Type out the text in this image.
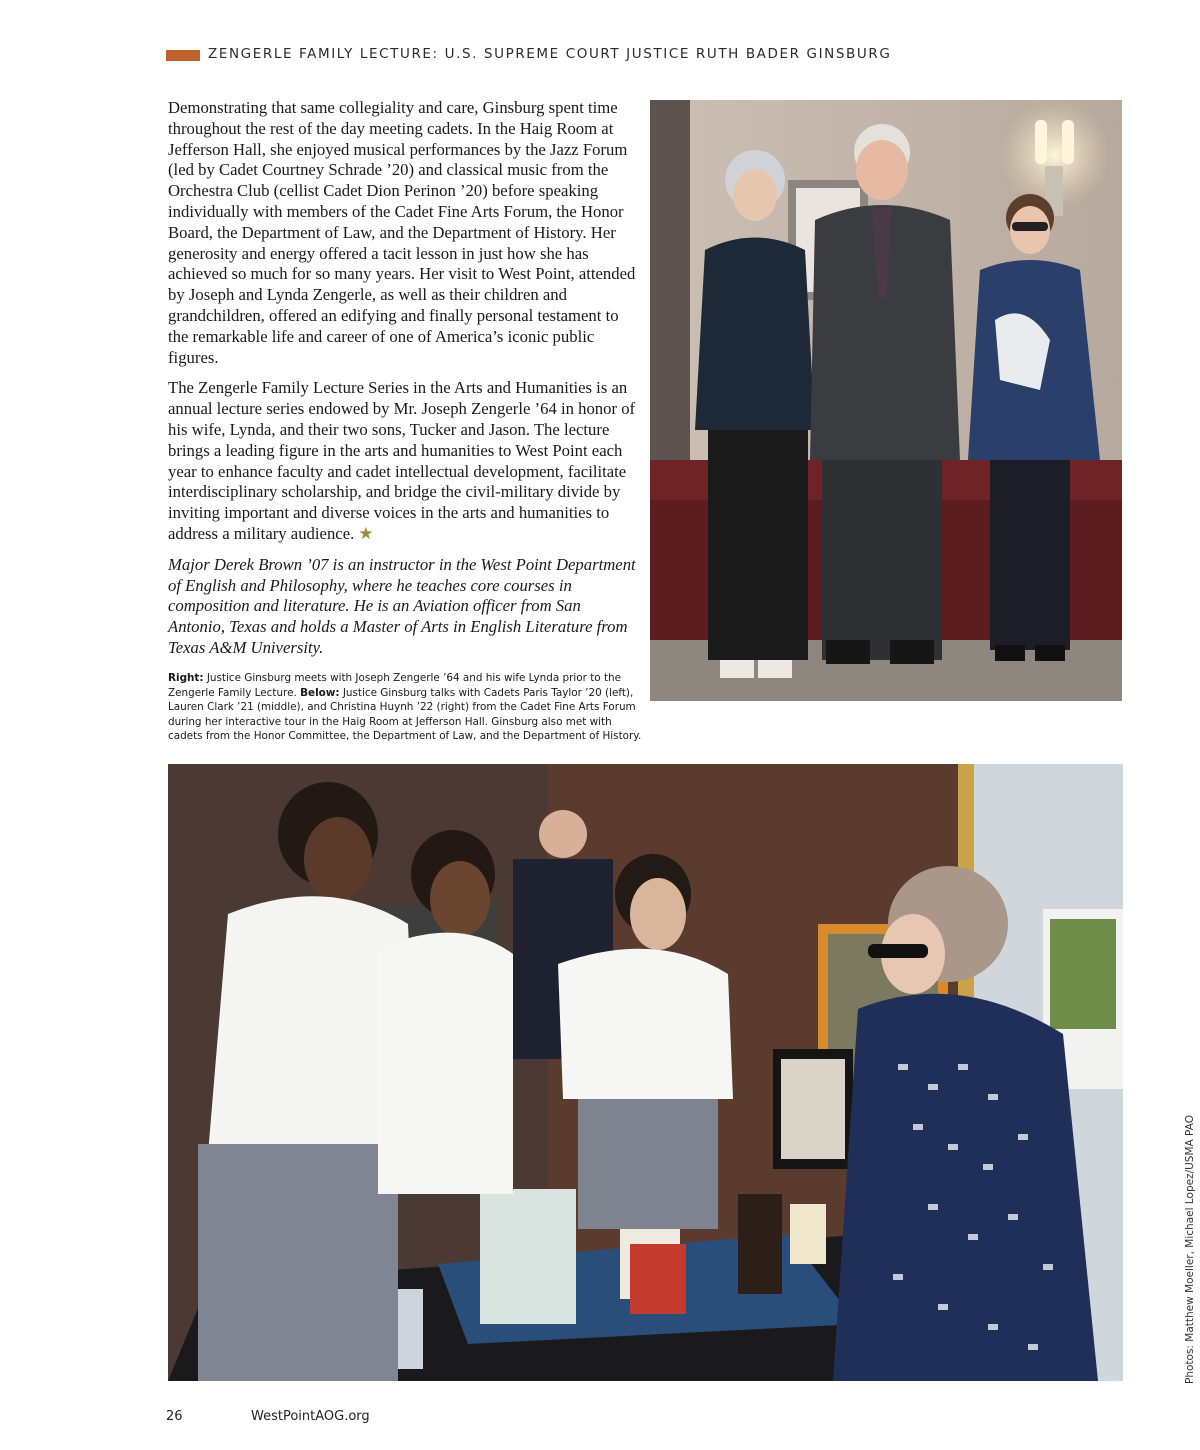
ZENGERLE FAMILY LECTURE: U.S. SUPREME COURT JUSTICE RUTH BADER GINSBURG

Demonstrating that same collegiality and care, Ginsburg spent time throughout the rest of the day meeting cadets. In the Haig Room at Jefferson Hall, she enjoyed musical performances by the Jazz Forum (led by Cadet Courtney Schrade ’20) and classical music from the Orchestra Club (cellist Cadet Dion Perinon ’20) before speaking individually with members of the Cadet Fine Arts Forum, the Honor Board, the Department of Law, and the Department of History. Her generosity and energy offered a tacit lesson in just how she has achieved so much for so many years. Her visit to West Point, attended by Joseph and Lynda Zengerle, as well as their children and grandchildren, offered an edifying and finally personal testament to the remarkable life and career of one of America’s iconic public figures.

The Zengerle Family Lecture Series in the Arts and Humanities is an annual lecture series endowed by Mr. Joseph Zengerle ’64 in honor of his wife, Lynda, and their two sons, Tucker and Jason. The lecture brings a leading figure in the arts and humanities to West Point each year to enhance faculty and cadet intellectual development, facilitate interdisciplinary scholarship, and bridge the civil-military divide by inviting important and diverse voices in the arts and humanities to address a military audience. ★

Major Derek Brown ’07 is an instructor in the West Point Department of English and Philosophy, where he teaches core courses in composition and literature. He is an Aviation officer from San Antonio, Texas and holds a Master of Arts in English Literature from Texas A&M University.

Right: Justice Ginsburg meets with Joseph Zengerle ’64 and his wife Lynda prior to the Zengerle Family Lecture. Below: Justice Ginsburg talks with Cadets Paris Taylor ’20 (left), Lauren Clark ’21 (middle), and Christina Huynh ’22 (right) from the Cadet Fine Arts Forum during her interactive tour in the Haig Room at Jefferson Hall. Ginsburg also met with cadets from the Honor Committee, the Department of Law, and the Department of History.
Photos: Matthew Moeller, Michael Lopez/USMA PAO
26	WestPointAOG.org
